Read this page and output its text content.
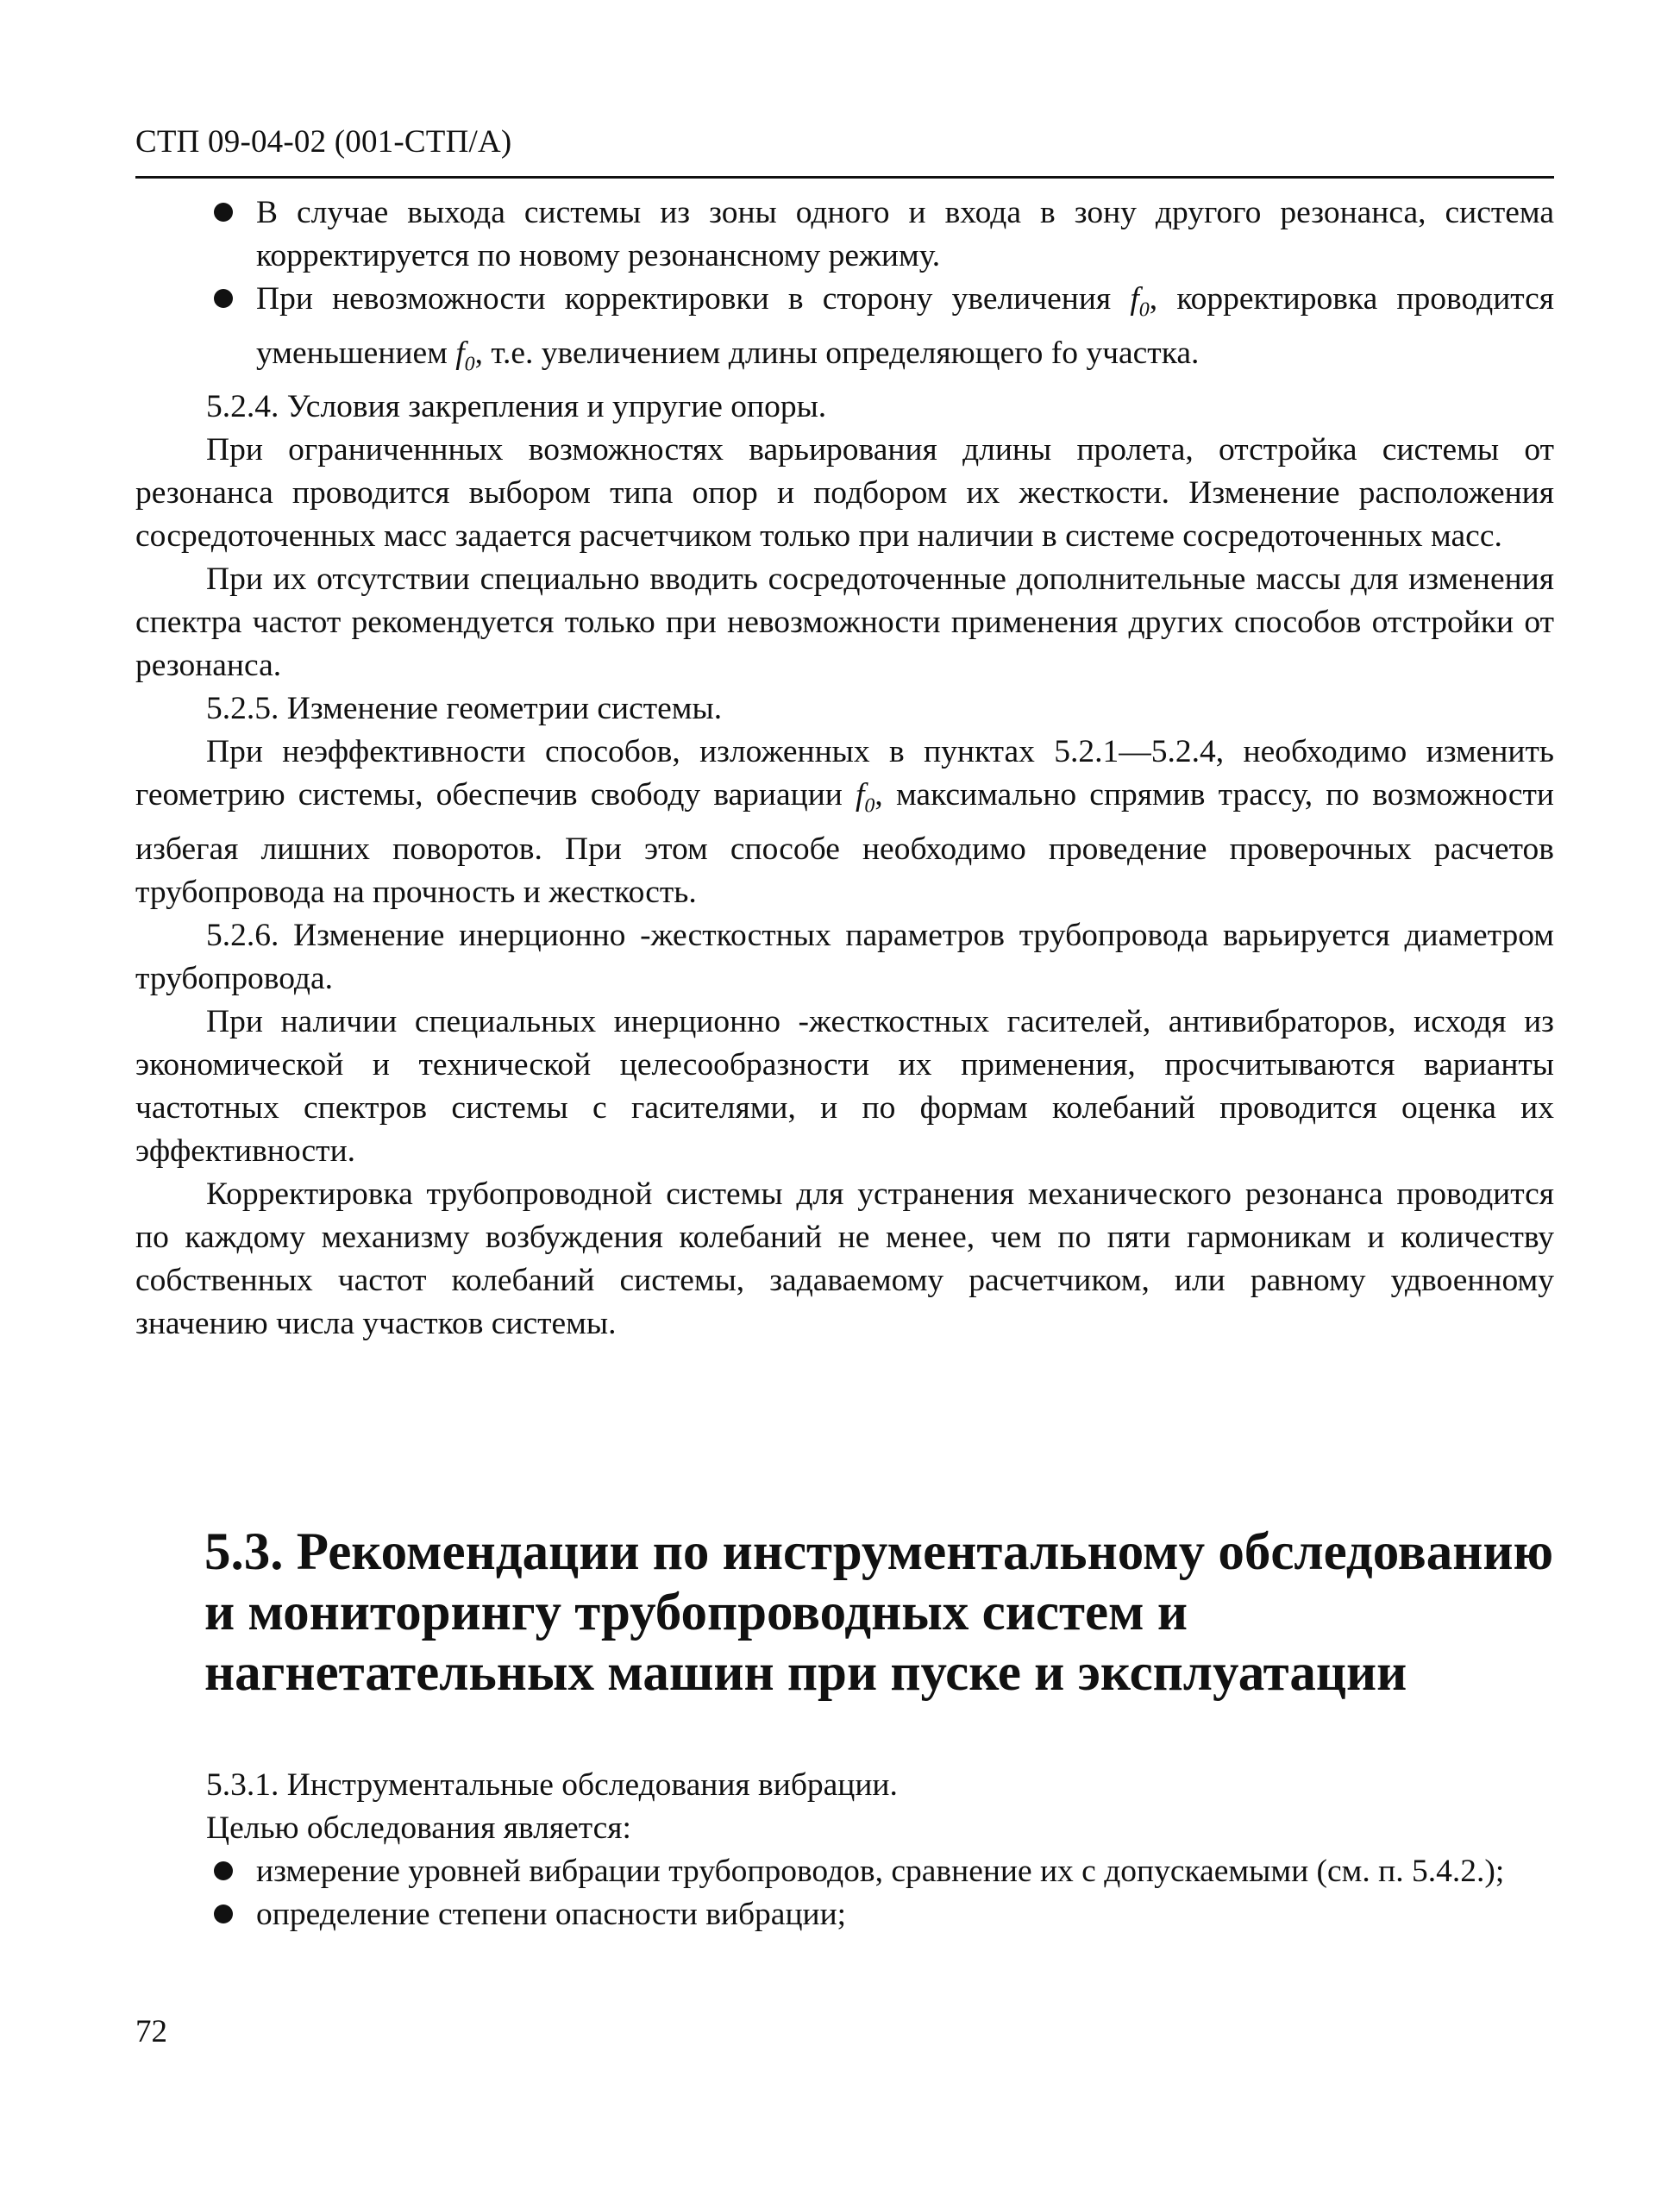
СТП 09-04-02 (001-СТП/А)

В случае выхода системы из зоны одного и входа в зону другого резонанса, система корректируется по новому резонансному режиму.

При невозможности корректировки в сторону увеличения $f_0$, корректировка проводится уменьшением $f_0$, т.е. увеличением длины определяющего fo участка.

5.2.4. Условия закрепления и упругие опоры.

При ограниченнных возможностях варьирования длины пролета, отстройка системы от резонанса проводится выбором типа опор и подбором их жесткости. Изменение расположения сосредоточенных масс задается расчетчиком только при наличии в системе сосредоточенных масс.

При их отсутствии специально вводить сосредоточенные дополнительные массы для изменения спектра частот рекомендуется только при невозможности применения других способов отстройки от резонанса.

5.2.5. Изменение геометрии системы.

При неэффективности способов, изложенных в пунктах 5.2.1—5.2.4, необходимо изменить геометрию системы, обеспечив свободу вариации $f_0$, максимально спрямив трассу, по возможности избегая лишних поворотов. При этом способе необходимо проведение проверочных расчетов трубопровода на прочность и жесткость.

5.2.6. Изменение инерционно -жесткостных параметров трубопровода варьируется диаметром трубопровода.

При наличии специальных инерционно -жесткостных гасителей, антивибраторов, исходя из экономической и технической целесообразности их применения, просчитываются варианты частотных спектров системы с гасителями, и по формам колебаний проводится оценка их эффективности.

Корректировка трубопроводной системы для устранения механического резонанса проводится по каждому механизму возбуждения колебаний не менее, чем по пяти гармоникам и количеству собственных частот колебаний системы, задаваемому расчетчиком, или равному удвоенному значению числа участков системы.

5.3. Рекомендации по инструментальному обследованию и мониторингу трубопроводных систем и нагнетательных машин при пуске и эксплуатации

5.3.1. Инструментальные обследования вибрации.

Целью обследования является:

измерение уровней вибрации трубопроводов, сравнение их с допускаемыми (см. п. 5.4.2.);

определение степени опасности вибрации;

72
